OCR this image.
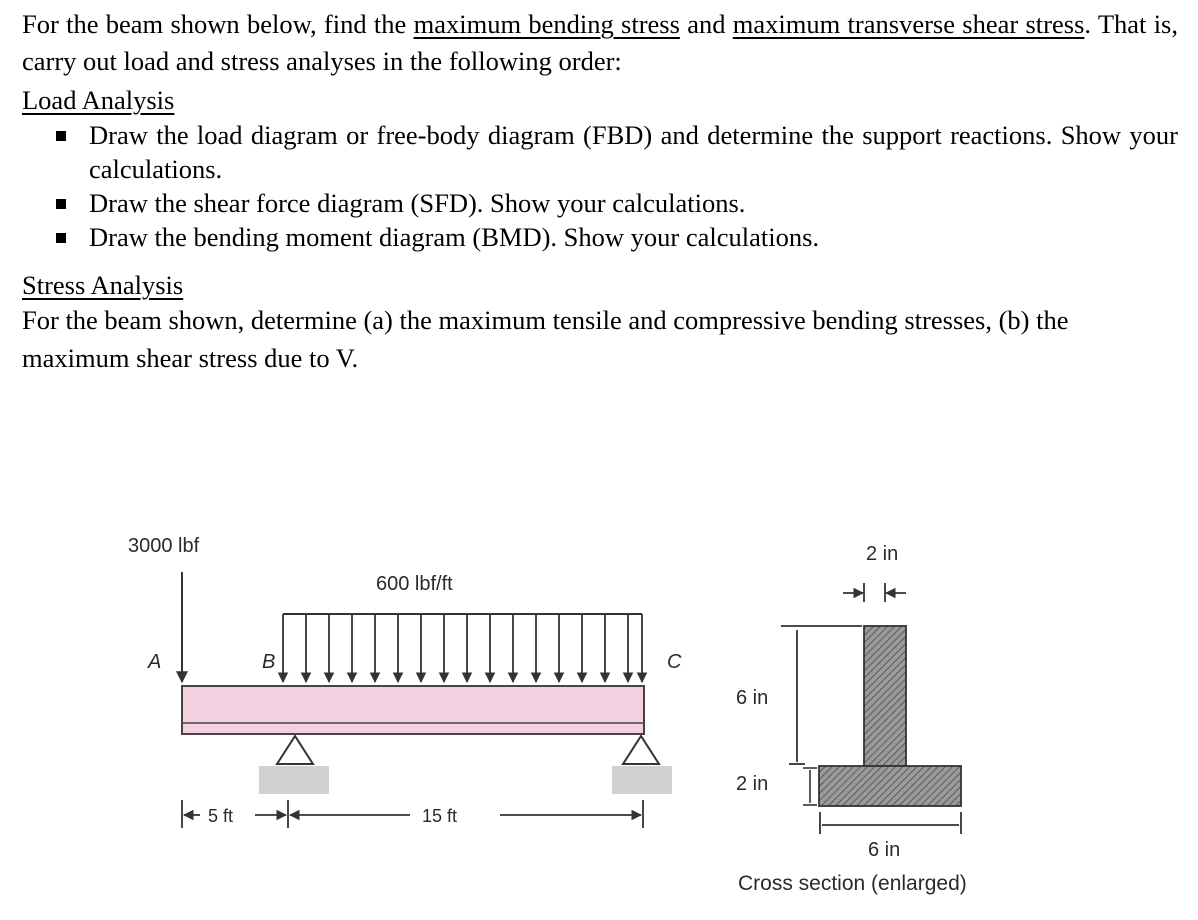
For the beam shown below, find the maximum bending stress and maximum transverse shear stress. That is, carry out load and stress analyses in the following order:
Load Analysis
Draw the load diagram or free-body diagram (FBD) and determine the support reactions. Show your calculations.
Draw the shear force diagram (SFD). Show your calculations.
Draw the bending moment diagram (BMD). Show your calculations.
Stress Analysis
For the beam shown, determine (a) the maximum tensile and compressive bending stresses, (b) the maximum shear stress due to V.
3000 lbf
A
600 lbf/ft
B	C
5 ft	15 ft
2 in
6 in
2 in
6 in
Cross section (enlarged)
